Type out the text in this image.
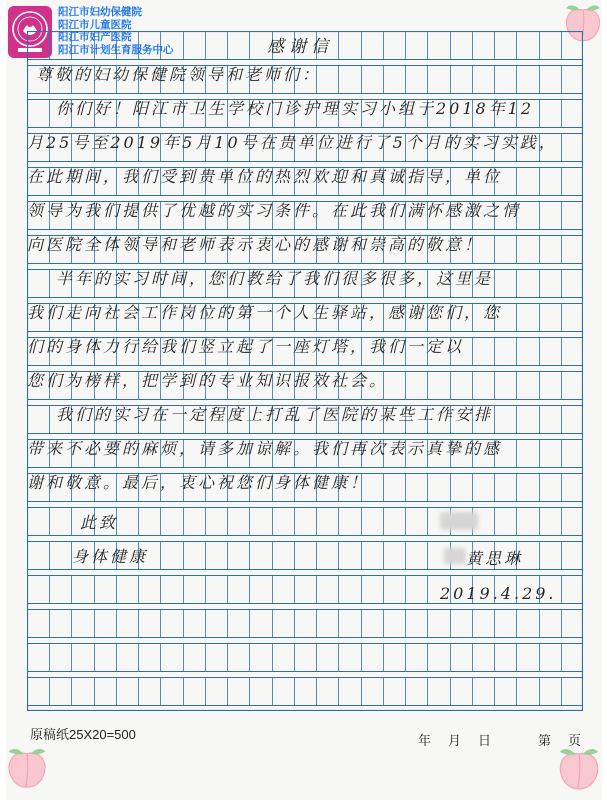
阳江市妇幼保健院
阳江市儿童医院
阳江市妇产医院
阳江市计划生育服务中心	感谢信
尊敬的妇幼保健院领导和老师们：
你们好！阳江市卫生学校门诊护理实习小组于2018年12
月25号至2019年5月10号在贵单位进行了5个月的实习实践，
在此期间，我们受到贵单位的热烈欢迎和真诚指导，单位
领导为我们提供了优越的实习条件。在此我们满怀感激之情
向医院全体领导和老师表示衷心的感谢和崇高的敬意！
半年的实习时间，您们教给了我们很多很多，这里是
我们走向社会工作岗位的第一个人生驿站，感谢您们，您
们的身体力行给我们竖立起了一座灯塔，我们一定以
您们为榜样，把学到的专业知识报效社会。
我们的实习在一定程度上打乱了医院的某些工作安排
带来不必要的麻烦，请多加谅解。我们再次表示真挚的感
谢和敬意。最后，衷心祝您们身体健康！
此致
身体健康	黄思琳
2019.4.29.
原稿纸25X20=500	年　月　日　　　第　页
